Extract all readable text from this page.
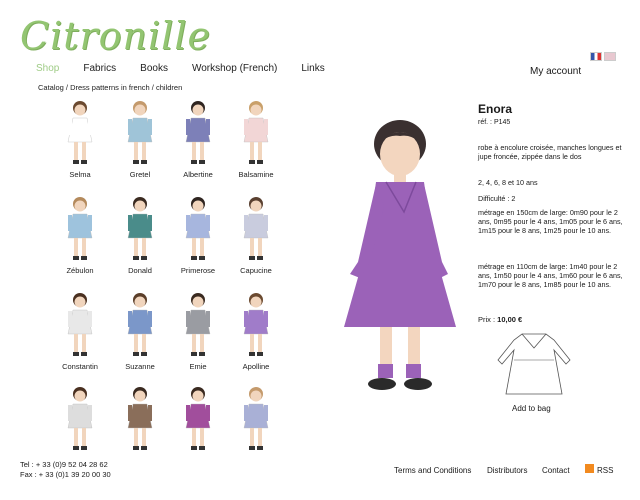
Citronille
Shop Fabrics Books Workshop (French) Links	My account
Catalog / Dress patterns in french / children
Selma	Gretel	Albertine	Balsamine
Zébulon	Donald	Primerose	Capucine
Constantin	Suzanne	Emie	Apolline
Enora
réf. : P145
robe à encolure croisée, manches longues et jupe froncée, zippée dans le dos
2, 4, 6, 8 et 10 ans
Difficulté : 2
métrage en 150cm de large: 0m90 pour le 2 ans, 0m95 pour le 4 ans, 1m05 pour le 6 ans, 1m15 pour le 8 ans, 1m25 pour le 10 ans.
métrage en 110cm de large: 1m40 pour le 2 ans, 1m50 pour le 4 ans, 1m60 pour le 6 ans, 1m70 pour le 8 ans, 1m85 pour le 10 ans.
Prix : 10,00 €
Add to bag
Tel : + 33 (0)9 52 04 28 62
Fax : + 33 (0)1 39 20 00 30	Terms and Conditions Distributors Contact	RSS
